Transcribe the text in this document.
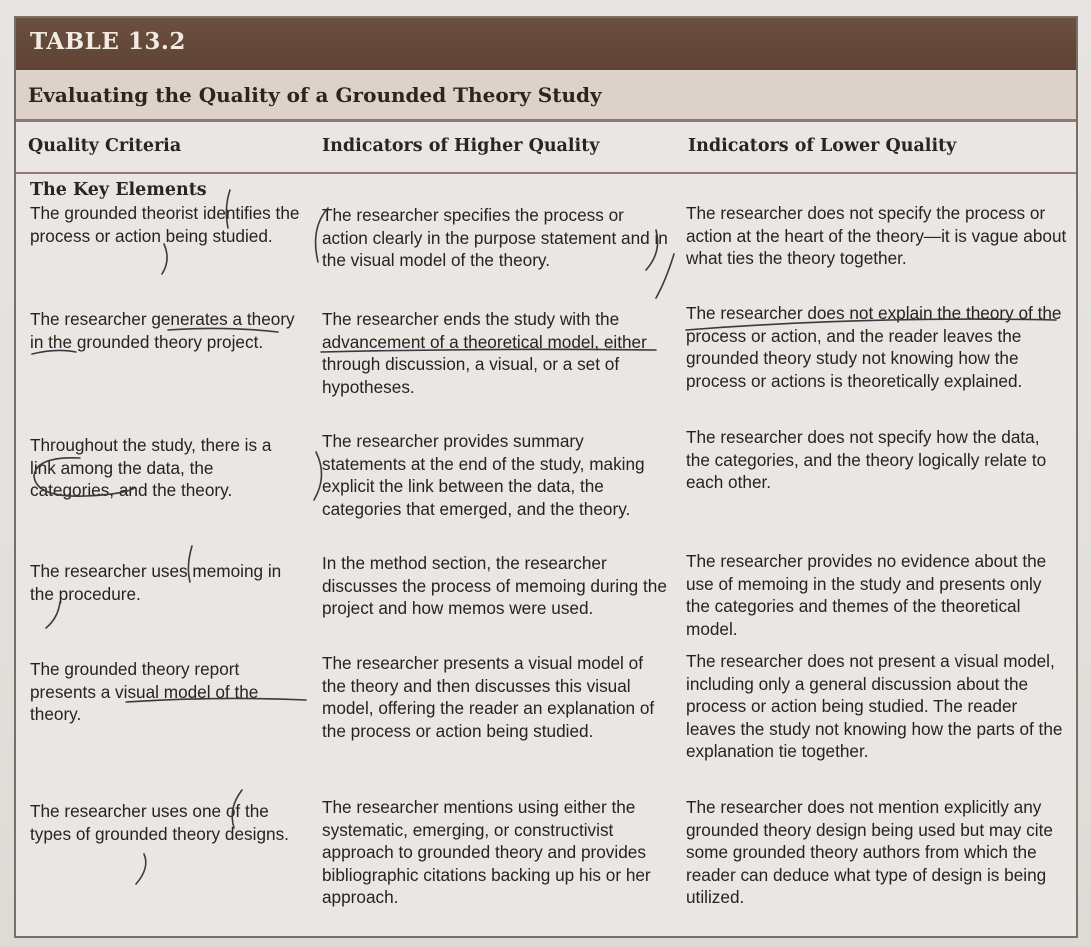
TABLE 13.2
Evaluating the Quality of a Grounded Theory Study
Quality Criteria	Indicators of Higher Quality	Indicators of Lower Quality
The Key Elements
The grounded theorist identifies the process or action being studied.
The researcher specifies the process or action clearly in the purpose statement and in the visual model of the theory.
The researcher does not specify the process or action at the heart of the theory—it is vague about what ties the theory together.
The researcher generates a theory in the grounded theory project.
The researcher ends the study with the advancement of a theoretical model, either through discussion, a visual, or a set of hypotheses.
The researcher does not explain the theory of the process or action, and the reader leaves the grounded theory study not knowing how the process or actions is theoretically explained.
Throughout the study, there is a link among the data, the categories, and the theory.
The researcher provides summary statements at the end of the study, making explicit the link between the data, the categories that emerged, and the theory.
The researcher does not specify how the data, the categories, and the theory logically relate to each other.
The researcher uses memoing in the procedure.
In the method section, the researcher discusses the process of memoing during the project and how memos were used.
The researcher provides no evidence about the use of memoing in the study and presents only the categories and themes of the theoretical model.
The grounded theory report presents a visual model of the theory.
The researcher presents a visual model of the theory and then discusses this visual model, offering the reader an explanation of the process or action being studied.
The researcher does not present a visual model, including only a general discussion about the process or action being studied. The reader leaves the study not knowing how the parts of the explanation tie together.
The researcher uses one of the types of grounded theory designs.
The researcher mentions using either the systematic, emerging, or constructivist approach to grounded theory and provides bibliographic citations backing up his or her approach.
The researcher does not mention explicitly any grounded theory design being used but may cite some grounded theory authors from which the reader can deduce what type of design is being utilized.
